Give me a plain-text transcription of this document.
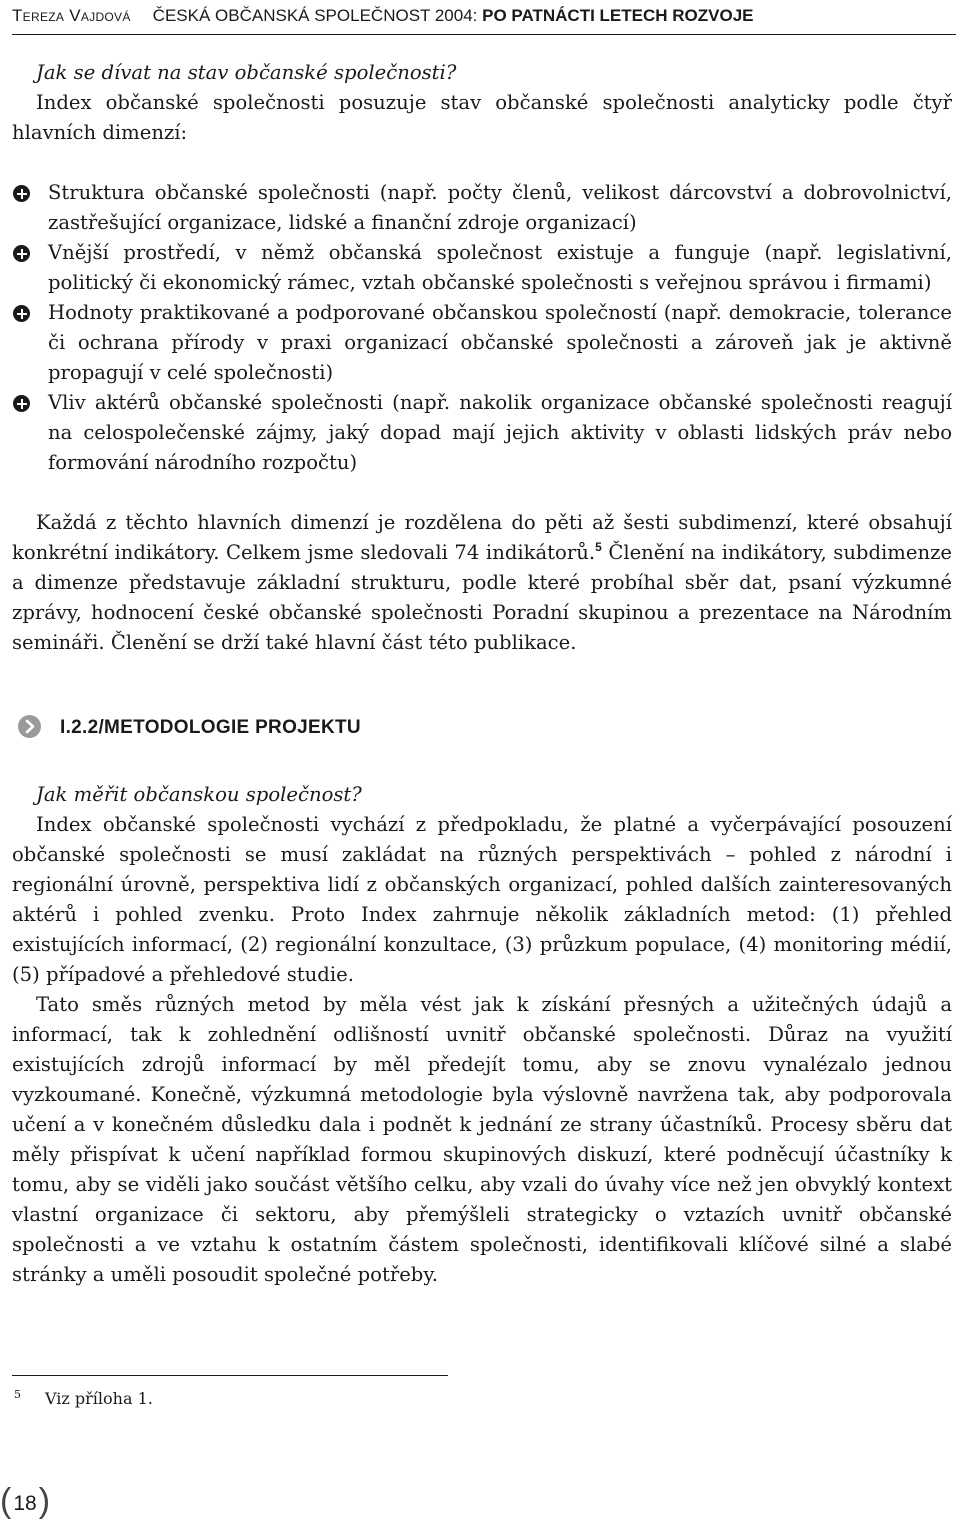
Tereza Vajdová ČESKÁ OBČANSKÁ SPOLEČNOST 2004: PO PATNÁCTI LETECH ROZVOJE

Jak se dívat na stav občanské společnosti?

Index občanské společnosti posuzuje stav občanské společnosti analyticky podle čtyř hlavních dimenzí:

Struktura občanské společnosti (např. počty členů, velikost dárcovství a dobrovolnictví, zastřešující organizace, lidské a finanční zdroje organizací)
Vnější prostředí, v němž občanská společnost existuje a funguje (např. legislativní, politický či ekonomický rámec, vztah občanské společnosti s veřejnou správou i firmami)
Hodnoty praktikované a podporované občanskou společností (např. demokracie, tolerance či ochrana přírody v praxi organizací občanské společnosti a zároveň jak je aktivně propagují v celé společnosti)
Vliv aktérů občanské společnosti (např. nakolik organizace občanské společnosti reagují na celospolečenské zájmy, jaký dopad mají jejich aktivity v oblasti lidských práv nebo formování národního rozpočtu)

Každá z těchto hlavních dimenzí je rozdělena do pěti až šesti subdimenzí, které obsahují konkrétní indikátory. Celkem jsme sledovali 74 indikátorů.$^5$ Členění na indikátory, subdimenze a dimenze představuje základní strukturu, podle které probíhal sběr dat, psaní výzkumné zprávy, hodnocení české občanské společnosti Poradní skupinou a prezentace na Národním semináři. Členění se drží také hlavní část této publikace.

I.2.2/METODOLOGIE PROJEKTU

Jak měřit občanskou společnost?

Index občanské společnosti vychází z předpokladu, že platné a vyčerpávající posouzení občanské společnosti se musí zakládat na různých perspektivách – pohled z národní i regionální úrovně, perspektiva lidí z občanských organizací, pohled dalších zainteresovaných aktérů i pohled zvenku. Proto Index zahrnuje několik základních metod: (1) přehled existujících informací, (2) regionální konzultace, (3) průzkum populace, (4) monitoring médií, (5) případové a přehledové studie.

Tato směs různých metod by měla vést jak k získání přesných a užitečných údajů a informací, tak k zohlednění odlišností uvnitř občanské společnosti. Důraz na využití existujících zdrojů informací by měl předejít tomu, aby se znovu vynalézalo jednou vyzkoumané. Konečně, výzkumná metodologie byla výslovně navržena tak, aby podporovala učení a v konečném důsledku dala i podnět k jednání ze strany účastníků. Procesy sběru dat měly přispívat k učení například formou skupinových diskuzí, které podněcují účastníky k tomu, aby se viděli jako součást většího celku, aby vzali do úvahy více než jen obvyklý kontext vlastní organizace či sektoru, aby přemýšleli strategicky o vztazích uvnitř občanské společnosti a ve vztahu k ostatním částem společnosti, identifikovali klíčové silné a slabé stránky a uměli posoudit společné potřeby.

$^5$ Viz příloha 1.
(18)
